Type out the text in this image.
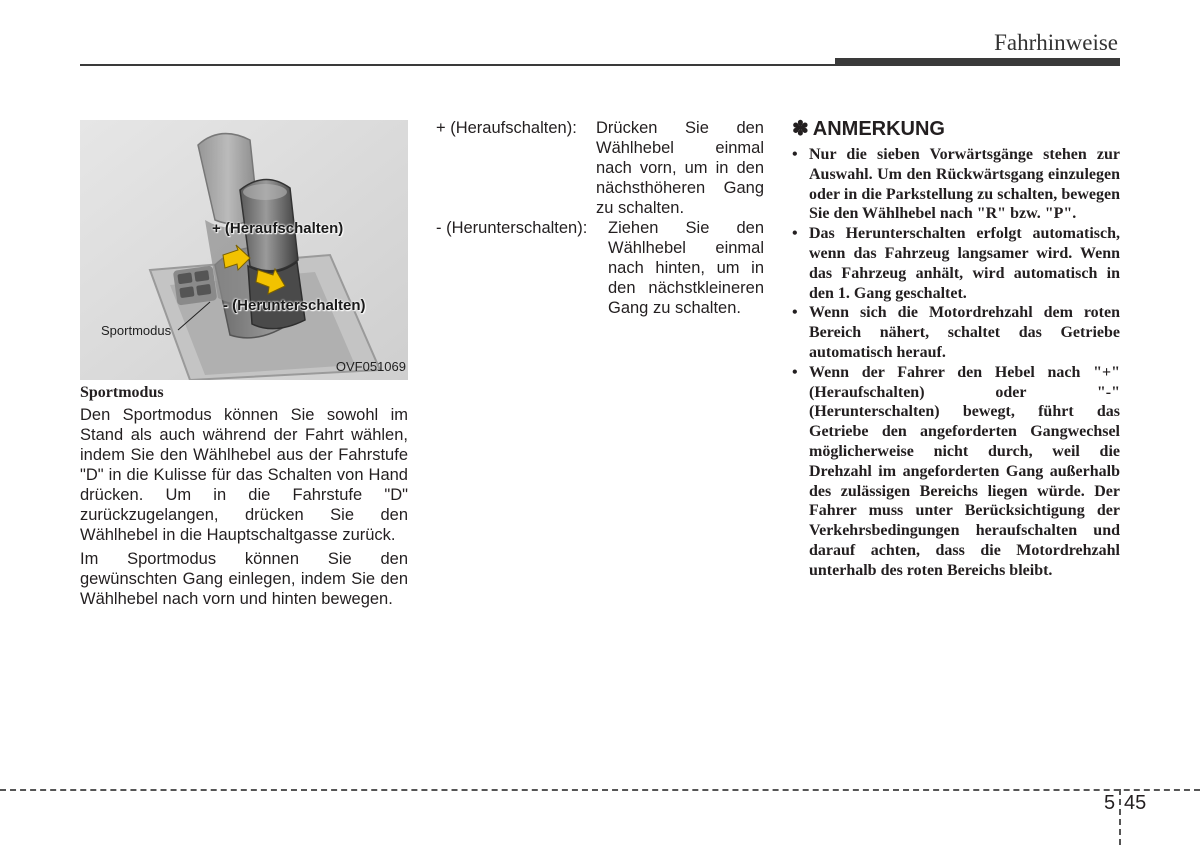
Fahrhinweise
+ (Heraufschalten)
- (Herunterschalten)
Sportmodus
OVF051069
Sportmodus

Den Sportmodus können Sie sowohl im Stand als auch während der Fahrt wählen, indem Sie den Wählhebel aus der Fahrstufe "D" in die Kulisse für das Schalten von Hand drücken. Um in die Fahrstufe "D" zurückzugelangen, drücken Sie den Wählhebel in die Hauptschaltgasse zurück.

Im Sportmodus können Sie den gewünschten Gang einlegen, indem Sie den Wählhebel nach vorn und hinten bewegen.

+ (Heraufschalten): Drücken Sie den Wählhebel einmal nach vorn, um in den nächsthöheren Gang zu schalten.
- (Herunterschalten): Ziehen Sie den Wählhebel einmal nach hinten, um in den nächstkleineren Gang zu schalten.
✽ ANMERKUNG
• Nur die sieben Vorwärtsgänge stehen zur Auswahl. Um den Rückwärtsgang einzulegen oder in die Parkstellung zu schalten, bewegen Sie den Wählhebel nach "R" bzw. "P".
• Das Herunterschalten erfolgt automatisch, wenn das Fahrzeug langsamer wird. Wenn das Fahrzeug anhält, wird automatisch in den 1. Gang geschaltet.
• Wenn sich die Motordrehzahl dem roten Bereich nähert, schaltet das Getriebe automatisch herauf.
• Wenn der Fahrer den Hebel nach "+" (Heraufschalten) oder "-" (Herunterschalten) bewegt, führt das Getriebe den angeforderten Gangwechsel möglicherweise nicht durch, weil die Drehzahl im angeforderten Gang außerhalb des zulässigen Bereichs liegen würde. Der Fahrer muss unter Berücksichtigung der Verkehrsbedingungen heraufschalten und darauf achten, dass die Motordrehzahl unterhalb des roten Bereichs bleibt.
5 45
